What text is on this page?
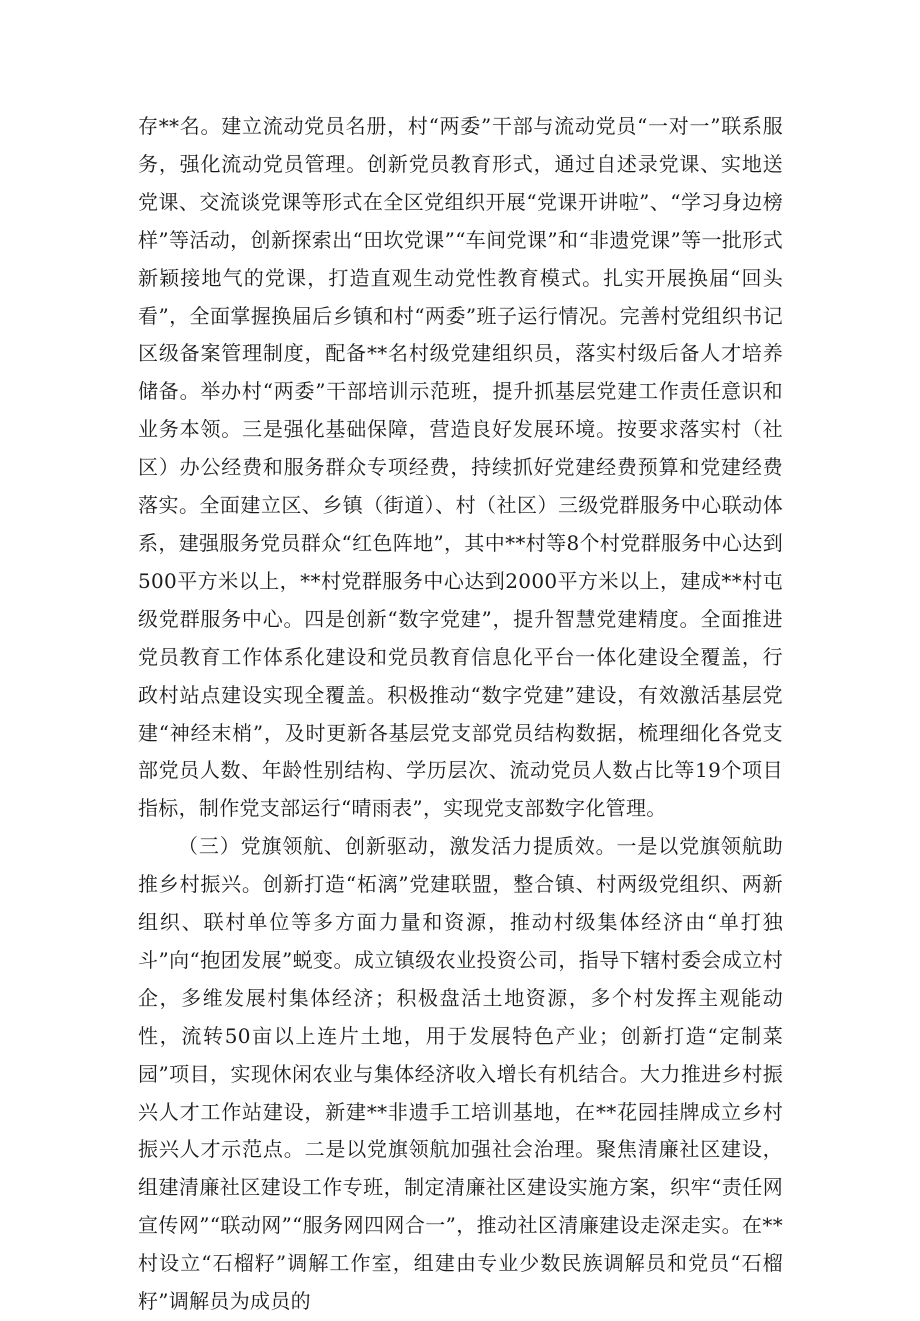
存**名。建立流动党员名册，村“两委”干部与流动党员“一对一”联系服务，强化流动党员管理。创新党员教育形式，通过自述录党课、实地送党课、交流谈党课等形式在全区党组织开展“党课开讲啦”、“学习身边榜样”等活动，创新探索出“田坎党课”“车间党课”和“非遗党课”等一批形式新颖接地气的党课，打造直观生动党性教育模式。扎实开展换届“回头看”，全面掌握换届后乡镇和村“两委”班子运行情况。完善村党组织书记区级备案管理制度，配备**名村级党建组织员，落实村级后备人才培养储备。举办村“两委”干部培训示范班，提升抓基层党建工作责任意识和业务本领。三是强化基础保障，营造良好发展环境。按要求落实村（社区）办公经费和服务群众专项经费，持续抓好党建经费预算和党建经费落实。全面建立区、乡镇（街道）、村（社区）三级党群服务中心联动体系，建强服务党员群众“红色阵地”，其中**村等8个村党群服务中心达到500平方米以上，**村党群服务中心达到2000平方米以上，建成**村屯级党群服务中心。四是创新“数字党建”，提升智慧党建精度。全面推进党员教育工作体系化建设和党员教育信息化平台一体化建设全覆盖，行政村站点建设实现全覆盖。积极推动“数字党建”建设，有效激活基层党建“神经末梢”，及时更新各基层党支部党员结构数据，梳理细化各党支部党员人数、年龄性别结构、学历层次、流动党员人数占比等19个项目指标，制作党支部运行“晴雨表”，实现党支部数字化管理。

（三）党旗领航、创新驱动，激发活力提质效。一是以党旗领航助推乡村振兴。创新打造“柘漓”党建联盟，整合镇、村两级党组织、两新组织、联村单位等多方面力量和资源，推动村级集体经济由“单打独斗”向“抱团发展”蜕变。成立镇级农业投资公司，指导下辖村委会成立村企，多维发展村集体经济；积极盘活土地资源，多个村发挥主观能动性，流转50亩以上连片土地，用于发展特色产业；创新打造“定制菜园”项目，实现休闲农业与集体经济收入增长有机结合。大力推进乡村振兴人才工作站建设，新建**非遗手工培训基地，在**花园挂牌成立乡村振兴人才示范点。二是以党旗领航加强社会治理。聚焦清廉社区建设，组建清廉社区建设工作专班，制定清廉社区建设实施方案，织牢“责任网宣传网”“联动网”“服务网四网合一”，推动社区清廉建设走深走实。在**村设立“石榴籽”调解工作室，组建由专业少数民族调解员和党员“石榴籽”调解员为成员的
